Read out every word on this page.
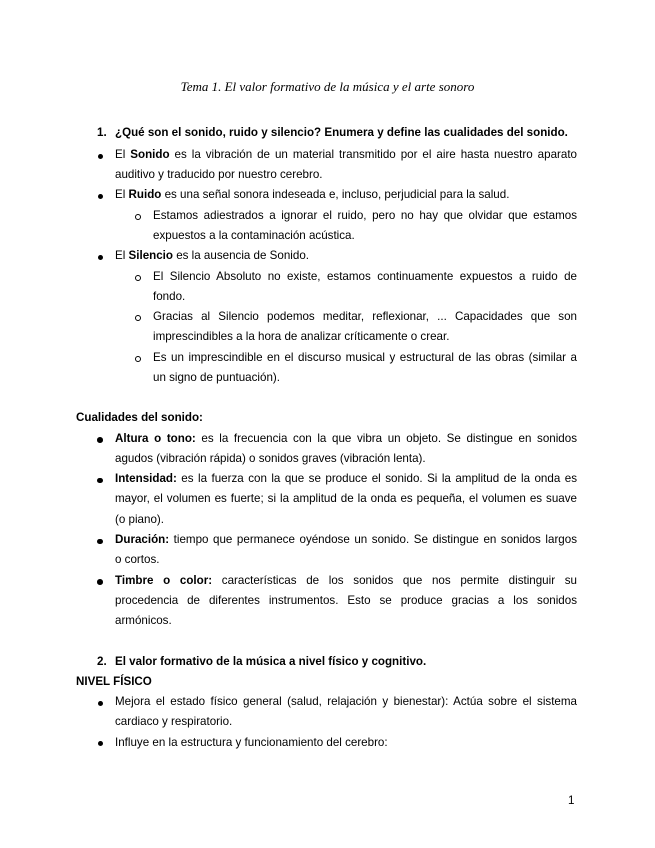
Tema 1. El valor formativo de la música y el arte sonoro
1. ¿Qué son el sonido, ruido y silencio? Enumera y define las cualidades del sonido.
El Sonido es la vibración de un material transmitido por el aire hasta nuestro aparato
auditivo y traducido por nuestro cerebro.
El Ruido es una señal sonora indeseada e, incluso, perjudicial para la salud.
Estamos adiestrados a ignorar el ruido, pero no hay que olvidar que estamos
expuestos a la contaminación acústica.
El Silencio es la ausencia de Sonido.
El Silencio Absoluto no existe, estamos continuamente expuestos a ruido de
fondo.
Gracias al Silencio podemos meditar, reflexionar, ... Capacidades que son
imprescindibles a la hora de analizar críticamente o crear.
Es un imprescindible en el discurso musical y estructural de las obras (similar a
un signo de puntuación).
Cualidades del sonido:
Altura o tono: es la frecuencia con la que vibra un objeto. Se distingue en sonidos
agudos (vibración rápida) o sonidos graves (vibración lenta).
Intensidad: es la fuerza con la que se produce el sonido. Si la amplitud de la onda es
mayor, el volumen es fuerte; si la amplitud de la onda es pequeña, el volumen es suave
(o piano).
Duración: tiempo que permanece oyéndose un sonido. Se distingue en sonidos largos
o cortos.
Timbre o color: características de los sonidos que nos permite distinguir su
procedencia de diferentes instrumentos. Esto se produce gracias a los sonidos
armónicos.
2. El valor formativo de la música a nivel físico y cognitivo.
NIVEL FÍSICO
Mejora el estado físico general (salud, relajación y bienestar): Actúa sobre el sistema
cardiaco y respiratorio.
Influye en la estructura y funcionamiento del cerebro:
1
